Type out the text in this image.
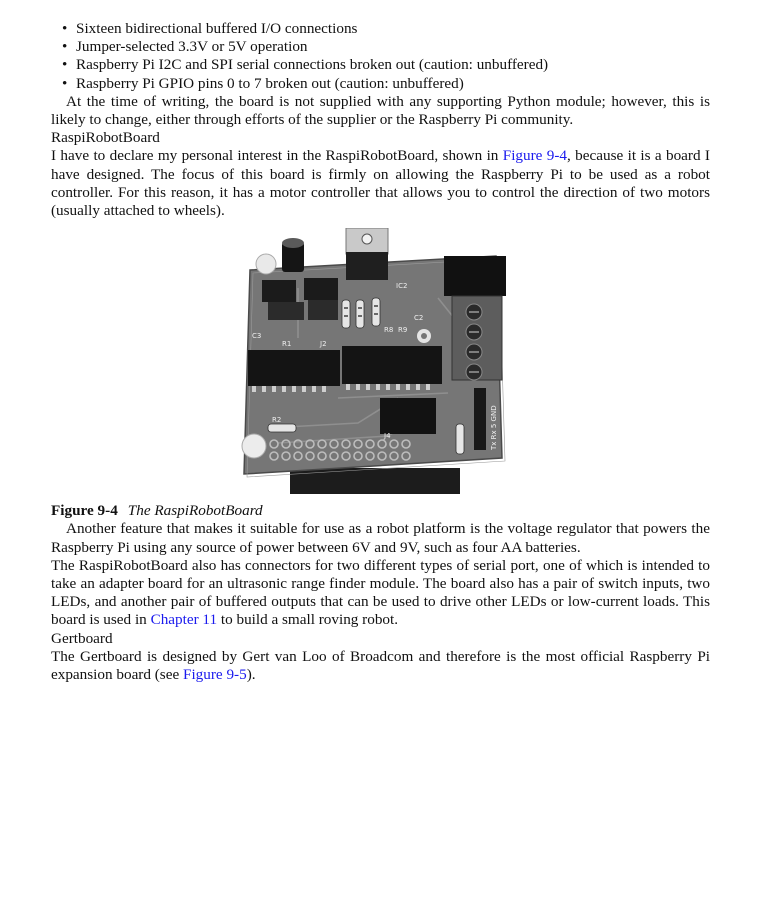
• Sixteen bidirectional buffered I/O connections
• Jumper-selected 3.3V or 5V operation
• Raspberry Pi I2C and SPI serial connections broken out (caution: unbuffered)
• Raspberry Pi GPIO pins 0 to 7 broken out (caution: unbuffered)

At the time of writing, the board is not supplied with any supporting Python module; however, this is likely to change, either through efforts of the supplier or the Raspberry Pi community.

RaspiRobotBoard

I have to declare my personal interest in the RaspiRobotBoard, shown in Figure 9-4, because it is a board I have designed. The focus of this board is firmly on allowing the Raspberry Pi to be used as a robot controller. For this reason, it has a motor controller that allows you to control the direction of two motors (usually attached to wheels).

IC2
R8 R9
C2
C3
R1
R2
J2
J4	Tx Rx 5 GND
Figure 9-4 The RaspiRobotBoard

Another feature that makes it suitable for use as a robot platform is the voltage regulator that powers the Raspberry Pi using any source of power between 6V and 9V, such as four AA batteries.

The RaspiRobotBoard also has connectors for two different types of serial port, one of which is intended to take an adapter board for an ultrasonic range finder module. The board also has a pair of switch inputs, two LEDs, and another pair of buffered outputs that can be used to drive other LEDs or low-current loads. This board is used in Chapter 11 to build a small roving robot.

Gertboard

The Gertboard is designed by Gert van Loo of Broadcom and therefore is the most official Raspberry Pi expansion board (see Figure 9-5).
